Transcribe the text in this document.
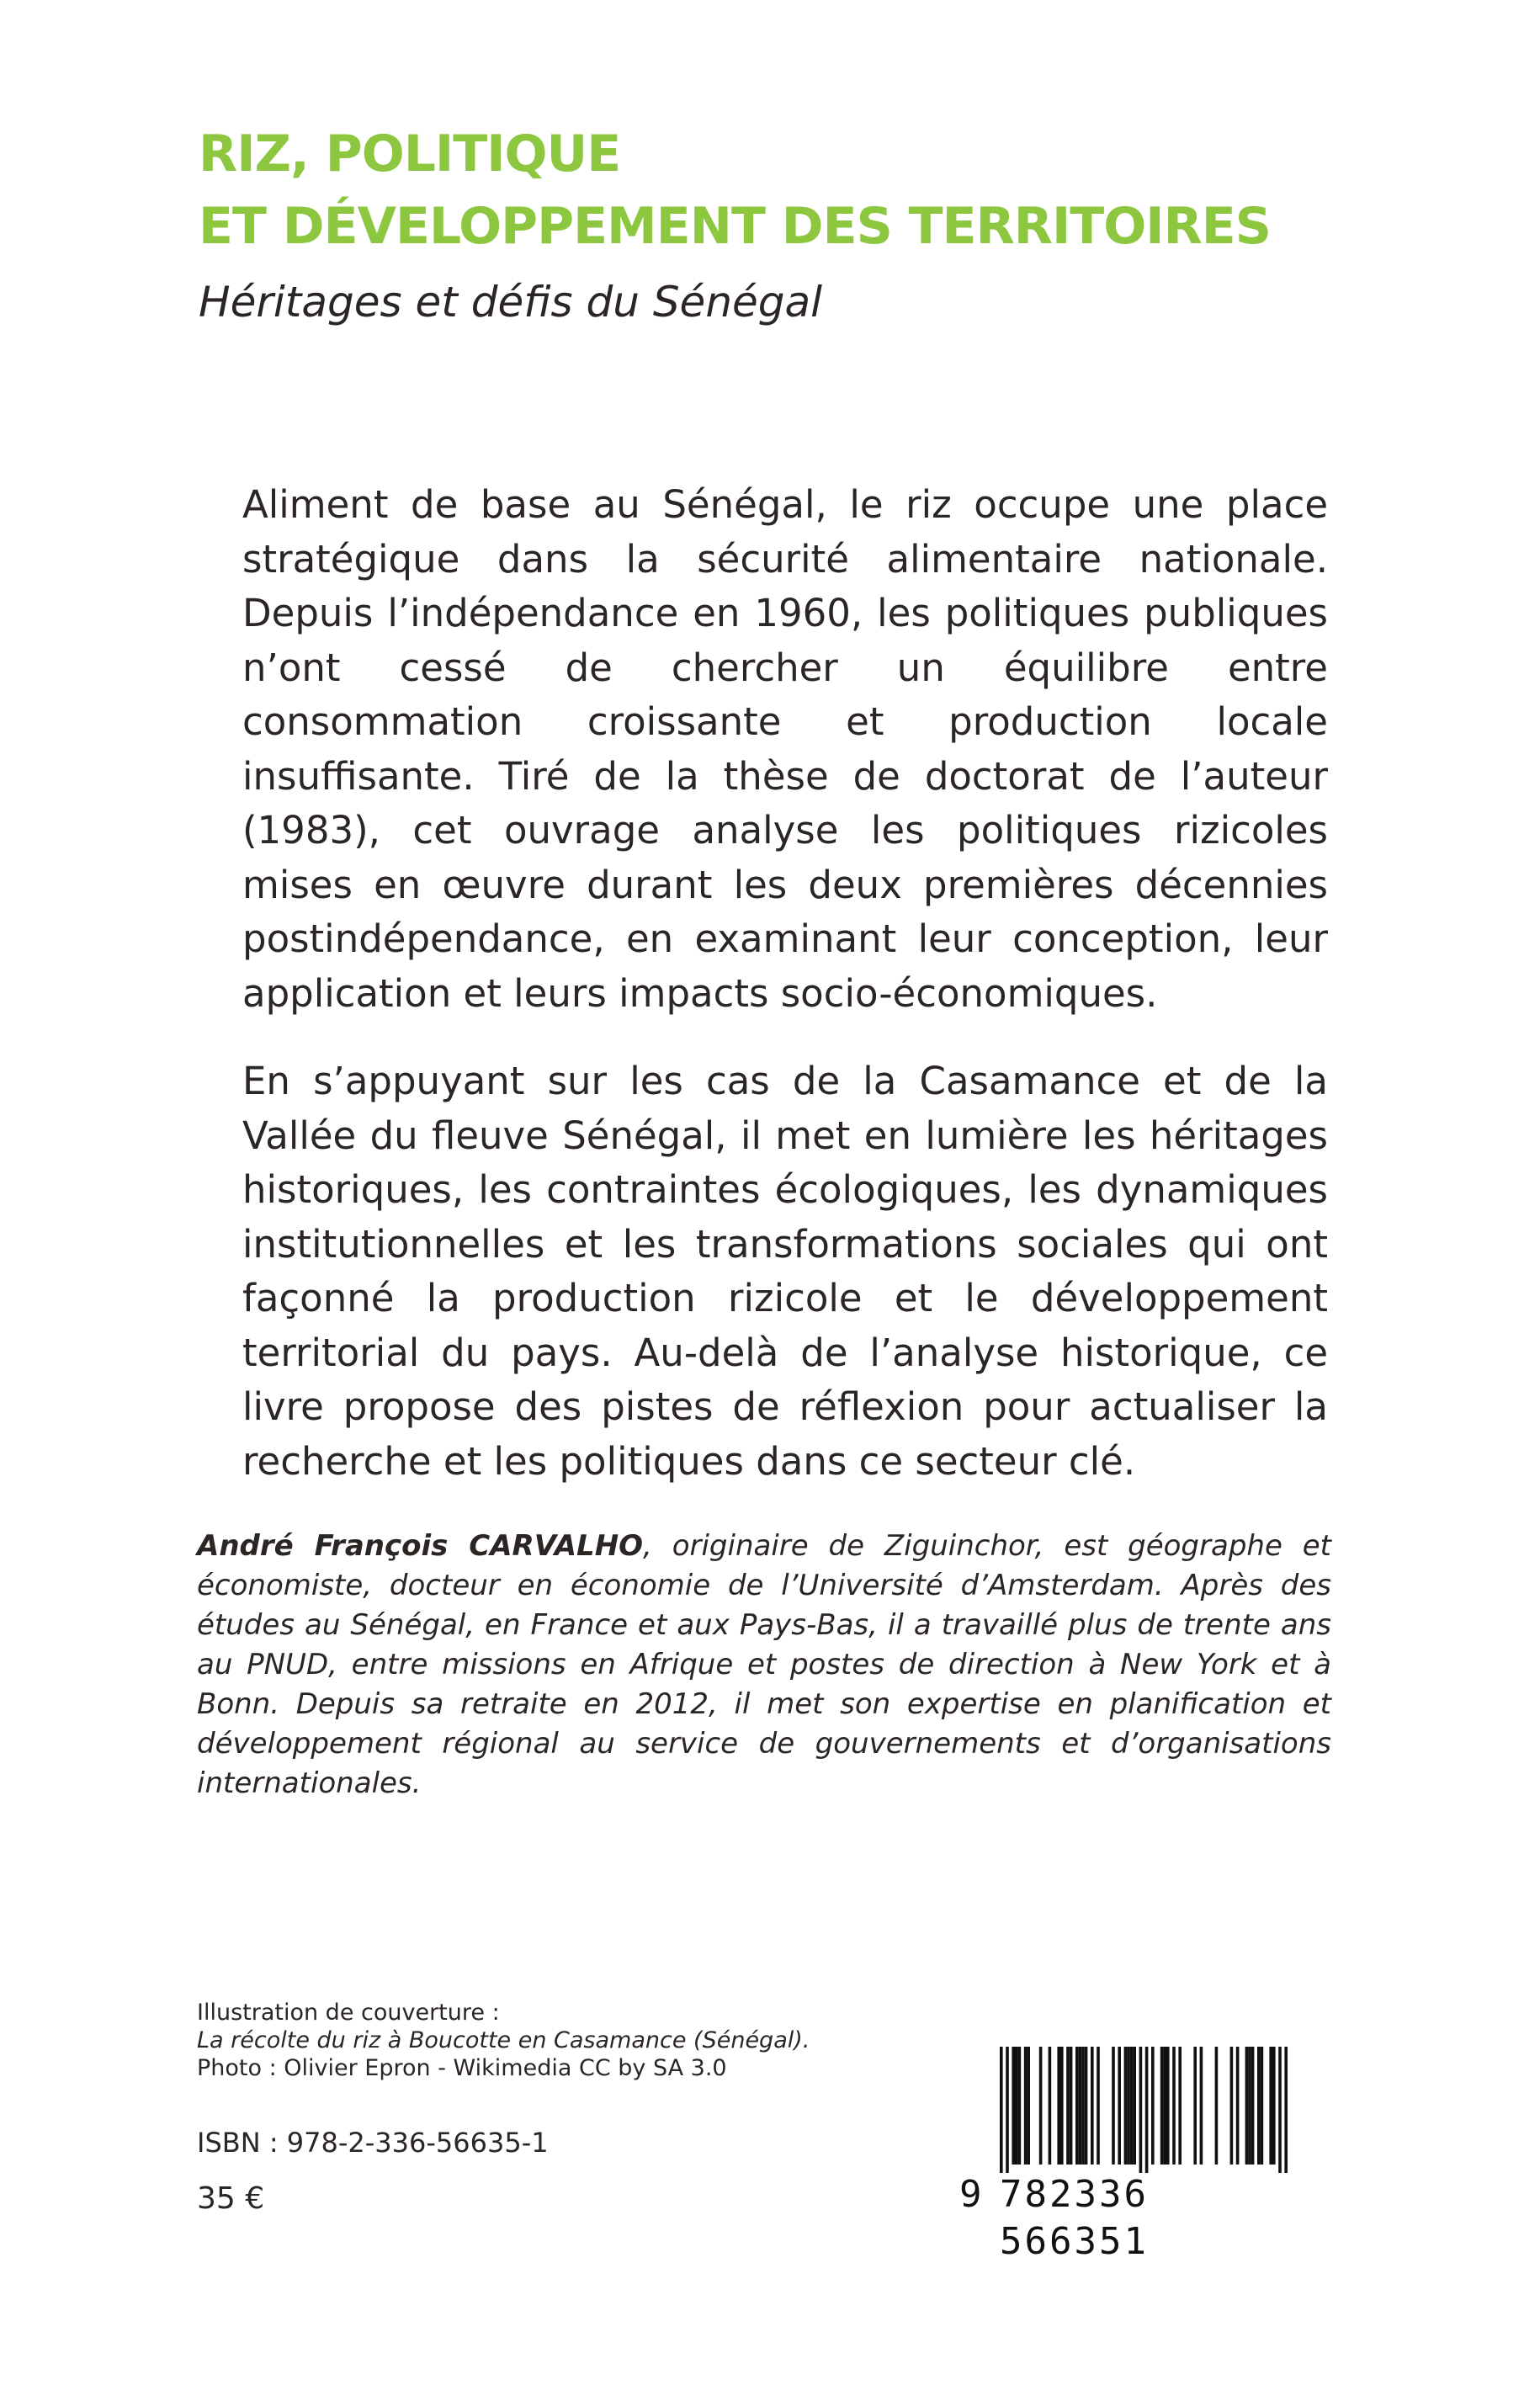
RIZ, POLITIQUE
ET DÉVELOPPEMENT DES TERRITOIRES
Héritages et défis du Sénégal

Aliment de base au Sénégal, le riz occupe une place stratégique dans la sécurité alimentaire nationale. Depuis l’indépendance en 1960, les politiques publiques n’ont cessé de chercher un équilibre entre consommation croissante et production locale insuffisante. Tiré de la thèse de doctorat de l’auteur (1983), cet ouvrage analyse les politiques rizicoles mises en œuvre durant les deux premières décennies postindépendance, en examinant leur conception, leur application et leurs impacts socio-économiques.

En s’appuyant sur les cas de la Casamance et de la Vallée du fleuve Sénégal, il met en lumière les héritages historiques, les contraintes écologiques, les dynamiques institutionnelles et les transformations sociales qui ont façonné la production rizicole et le développement territorial du pays. Au-delà de l’analyse historique, ce livre propose des pistes de réflexion pour actualiser la recherche et les politiques dans ce secteur clé.

André François CARVALHO, originaire de Ziguinchor, est géographe et économiste, docteur en économie de l’Université d’Amsterdam. Après des études au Sénégal, en France et aux Pays-Bas, il a travaillé plus de trente ans au PNUD, entre missions en Afrique et postes de direction à New York et à Bonn. Depuis sa retraite en 2012, il met son expertise en planification et développement régional au service de gouvernements et d’organisations internationales.
Illustration de couverture :
La récolte du riz à Boucotte en Casamance (Sénégal).
Photo : Olivier Epron - Wikimedia CC by SA 3.0
ISBN : 978-2-336-56635-1
35 €	9 782336 566351
